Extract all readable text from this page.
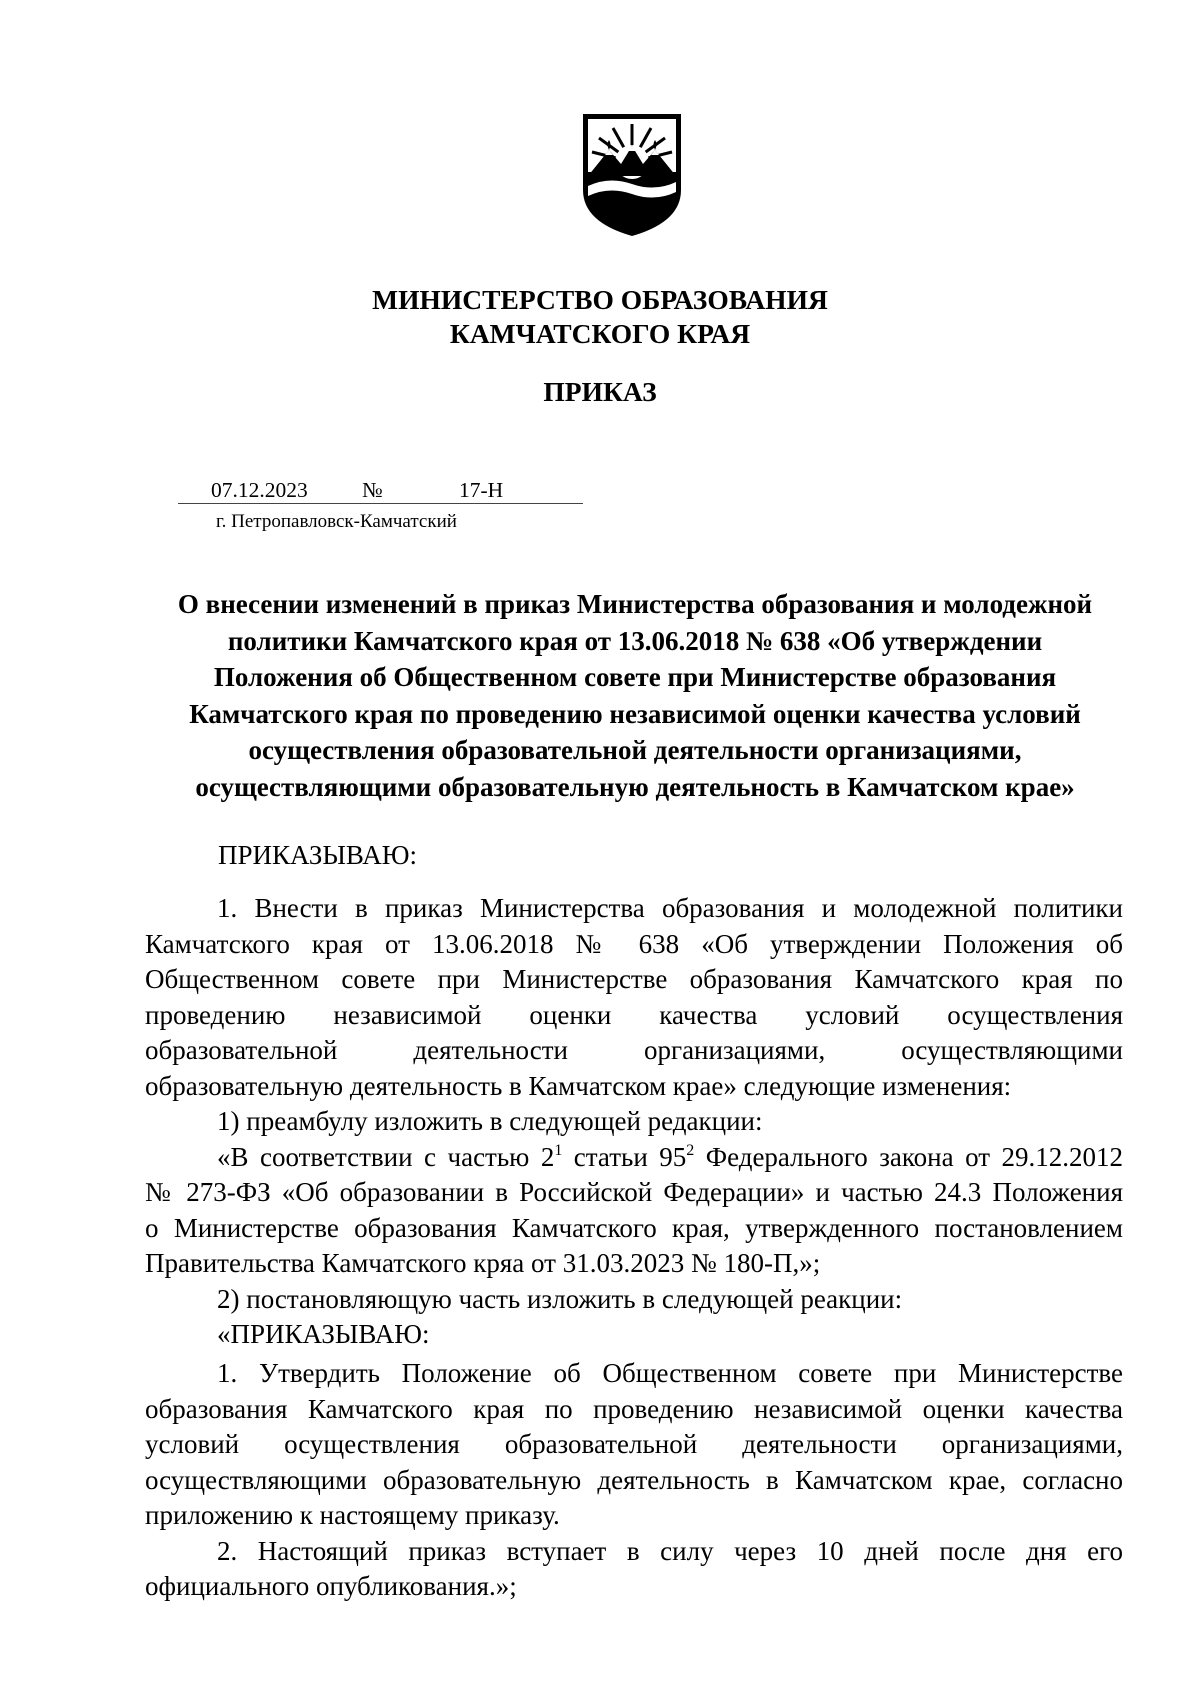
МИНИСТЕРСТВО ОБРАЗОВАНИЯ
КАМЧАТСКОГО КРАЯ
ПРИКАЗ
07.12.2023	№	17-Н
г. Петропавловск-Камчатский
О внесении изменений в приказ Министерства образования и молодежной
политики Камчатского края от 13.06.2018 № 638 «Об утверждении
Положения об Общественном совете при Министерстве образования
Камчатского края по проведению независимой оценки качества условий
осуществления образовательной деятельности организациями,
осуществляющими образовательную деятельность в Камчатском крае»
ПРИКАЗЫВАЮ:
1. Внести в приказ Министерства образования и молодежной политики
Камчатского края от 13.06.2018 № 638 «Об утверждении Положения об
Общественном совете при Министерстве образования Камчатского края по
проведению независимой оценки качества условий осуществления
образовательной деятельности организациями, осуществляющими
образовательную деятельность в Камчатском крае» следующие изменения:
1) преамбулу изложить в следующей редакции:
«В соответствии с частью $2^1$ статьи $95^2$ Федерального закона от 29.12.2012
№ 273-ФЗ «Об образовании в Российской Федерации» и частью 24.3 Положения
о Министерстве образования Камчатского края, утвержденного постановлением
Правительства Камчатского кряа от 31.03.2023 № 180-П,»;
2) постановляющую часть изложить в следующей реакции:
«ПРИКАЗЫВАЮ:
1. Утвердить Положение об Общественном совете при Министерстве
образования Камчатского края по проведению независимой оценки качества
условий осуществления образовательной деятельности организациями,
осуществляющими образовательную деятельность в Камчатском крае, согласно
приложению к настоящему приказу.
2. Настоящий приказ вступает в силу через 10 дней после дня его
официального опубликования.»;
